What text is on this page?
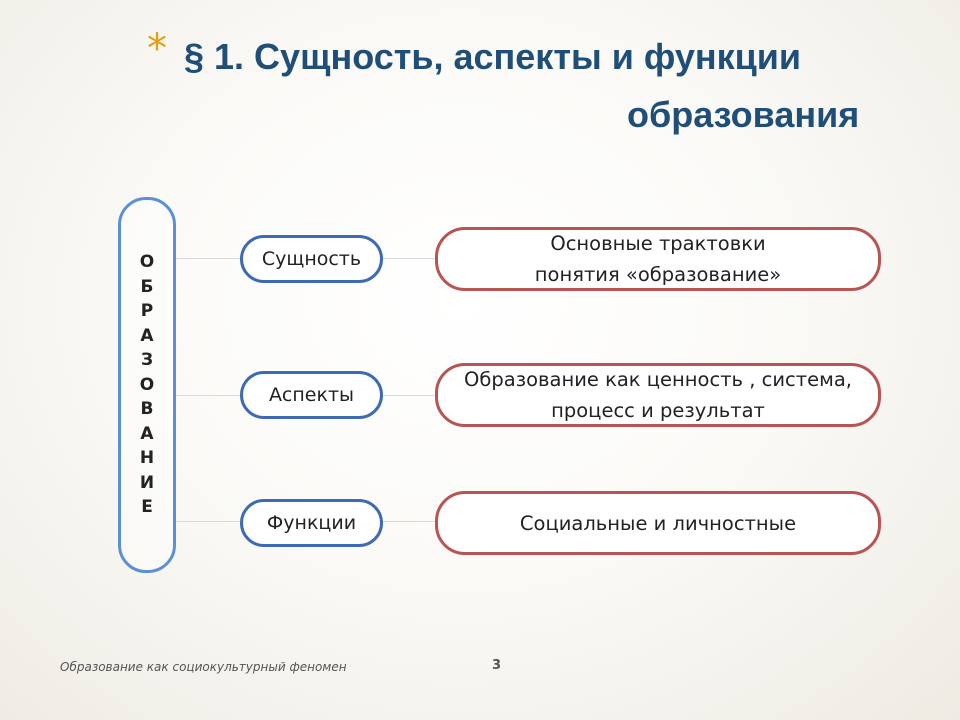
* § 1. Сущность, аспекты и функции
образования
О
Б
Р
А
З
О
В
А
Н
И
Е
Сущность
Основные трактовки понятия «образование»
Аспекты
Образование как ценность , система, процесс и результат
Функции	Социальные и личностные
Образование как социокультурный феномен	3
